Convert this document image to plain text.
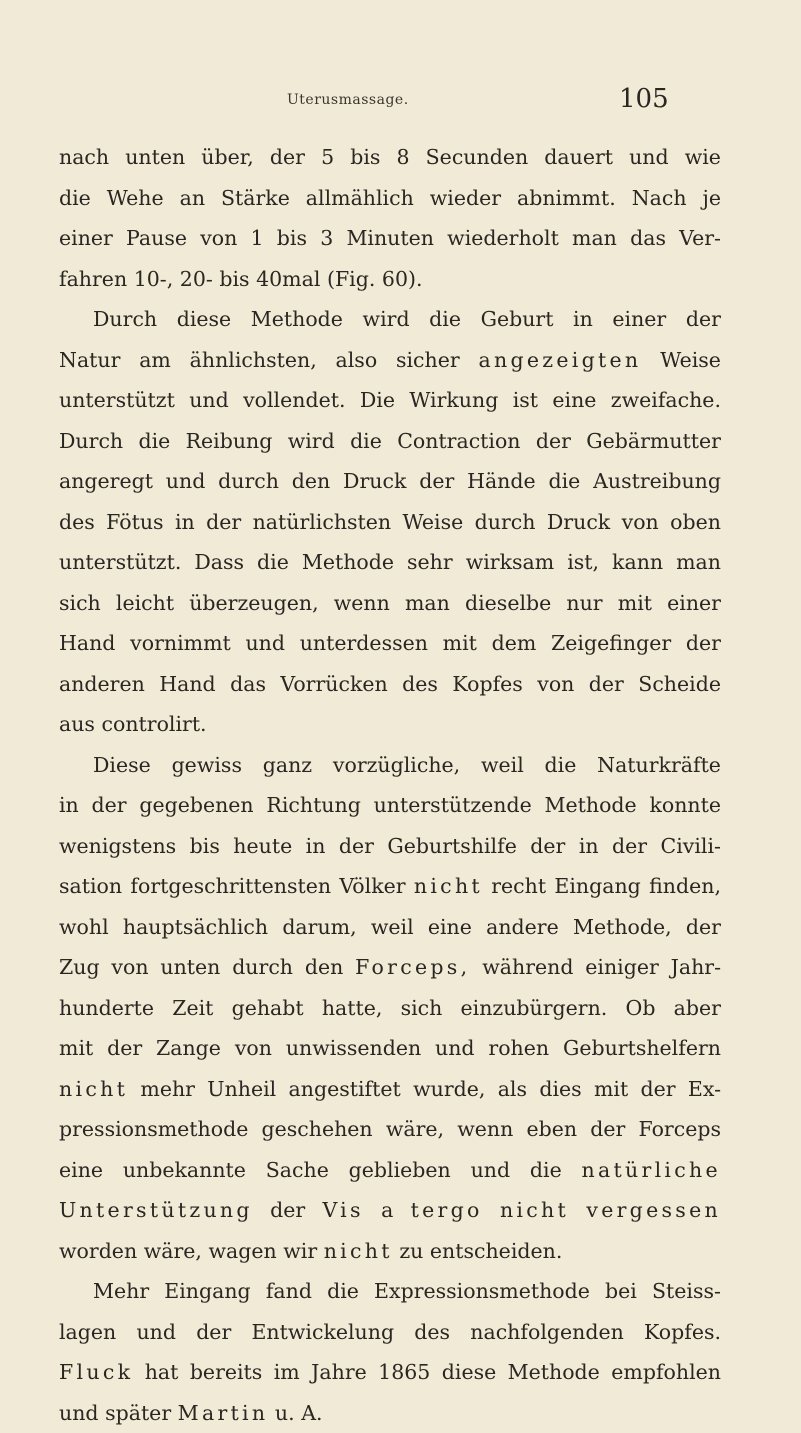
Uterusmassage.	105
nach unten über, der 5 bis 8 Secunden dauert und wie
die Wehe an Stärke allmählich wieder abnimmt. Nach je
einer Pause von 1 bis 3 Minuten wiederholt man das Ver-
fahren 10-, 20- bis 40mal (Fig. 60).
Durch diese Methode wird die Geburt in einer der
Natur am ähnlichsten, also sicher angezeigten Weise
unterstützt und vollendet. Die Wirkung ist eine zweifache.
Durch die Reibung wird die Contraction der Gebärmutter
angeregt und durch den Druck der Hände die Austreibung
des Fötus in der natürlichsten Weise durch Druck von oben
unterstützt. Dass die Methode sehr wirksam ist, kann man
sich leicht überzeugen, wenn man dieselbe nur mit einer
Hand vornimmt und unterdessen mit dem Zeigefinger der
anderen Hand das Vorrücken des Kopfes von der Scheide
aus controlirt.
Diese gewiss ganz vorzügliche, weil die Naturkräfte
in der gegebenen Richtung unterstützende Methode konnte
wenigstens bis heute in der Geburtshilfe der in der Civili-
sation fortgeschrittensten Völker nicht recht Eingang finden,
wohl hauptsächlich darum, weil eine andere Methode, der
Zug von unten durch den Forceps, während einiger Jahr-
hunderte Zeit gehabt hatte, sich einzubürgern. Ob aber
mit der Zange von unwissenden und rohen Geburtshelfern
nicht mehr Unheil angestiftet wurde, als dies mit der Ex-
pressionsmethode geschehen wäre, wenn eben der Forceps
eine unbekannte Sache geblieben und die natürliche
Unterstützung der Vis a tergo nicht vergessen
worden wäre, wagen wir nicht zu entscheiden.
Mehr Eingang fand die Expressionsmethode bei Steiss-
lagen und der Entwickelung des nachfolgenden Kopfes.
Fluck hat bereits im Jahre 1865 diese Methode empfohlen
und später Martin u. A.
